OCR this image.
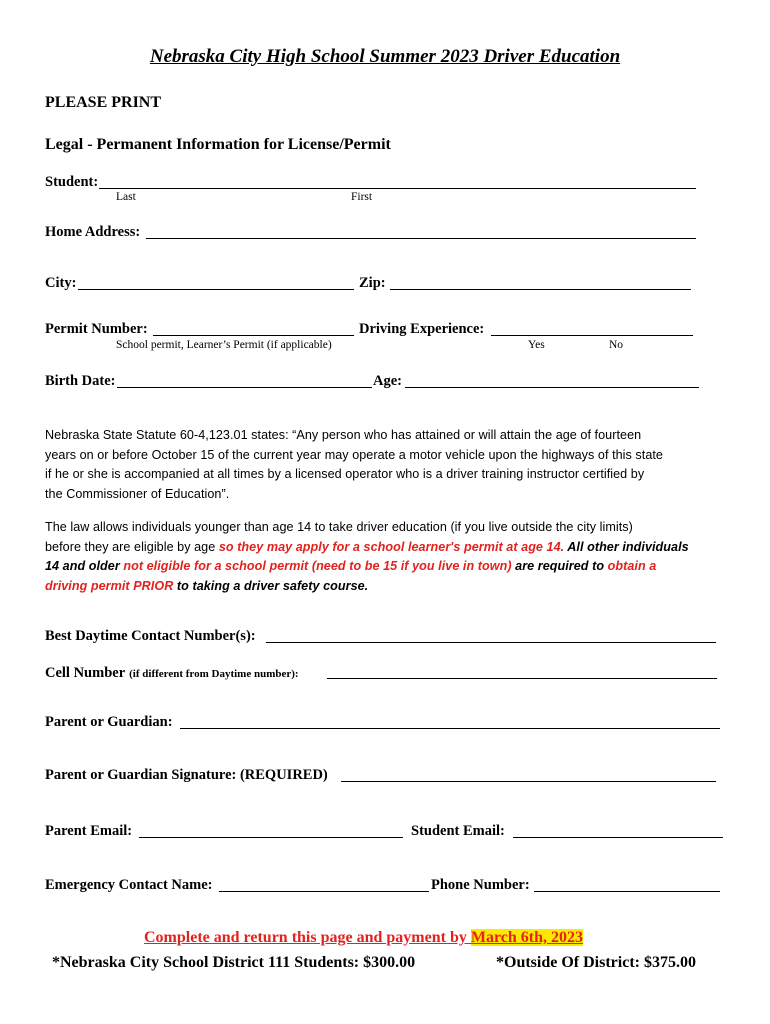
Nebraska City High School Summer 2023 Driver Education
PLEASE PRINT
Legal - Permanent Information for License/Permit
Student:
Last	First
Home Address:
City:	Zip:
Permit Number:	Driving Experience:
School permit, Learner’s Permit (if applicable)	Yes	No
Birth Date:	Age:
Nebraska State Statute 60-4,123.01 states: “Any person who has attained or will attain the age of fourteen
years on or before October 15 of the current year may operate a motor vehicle upon the highways of this state
if he or she is accompanied at all times by a licensed operator who is a driver training instructor certified by
the Commissioner of Education”.
The law allows individuals younger than age 14 to take driver education (if you live outside the city limits)
before they are eligible by age so they may apply for a school learner's permit at age 14. All other individuals
14 and older not eligible for a school permit (need to be 15 if you live in town) are required to obtain a
driving permit PRIOR to taking a driver safety course.
Best Daytime Contact Number(s):
Cell Number (if different from Daytime number):
Parent or Guardian:
Parent or Guardian Signature: (REQUIRED)
Parent Email:	Student Email:
Emergency Contact Name:	Phone Number:
Complete and return this page and payment by March 6th, 2023
*Nebraska City School District 111 Students: $300.00	*Outside Of District: $375.00
